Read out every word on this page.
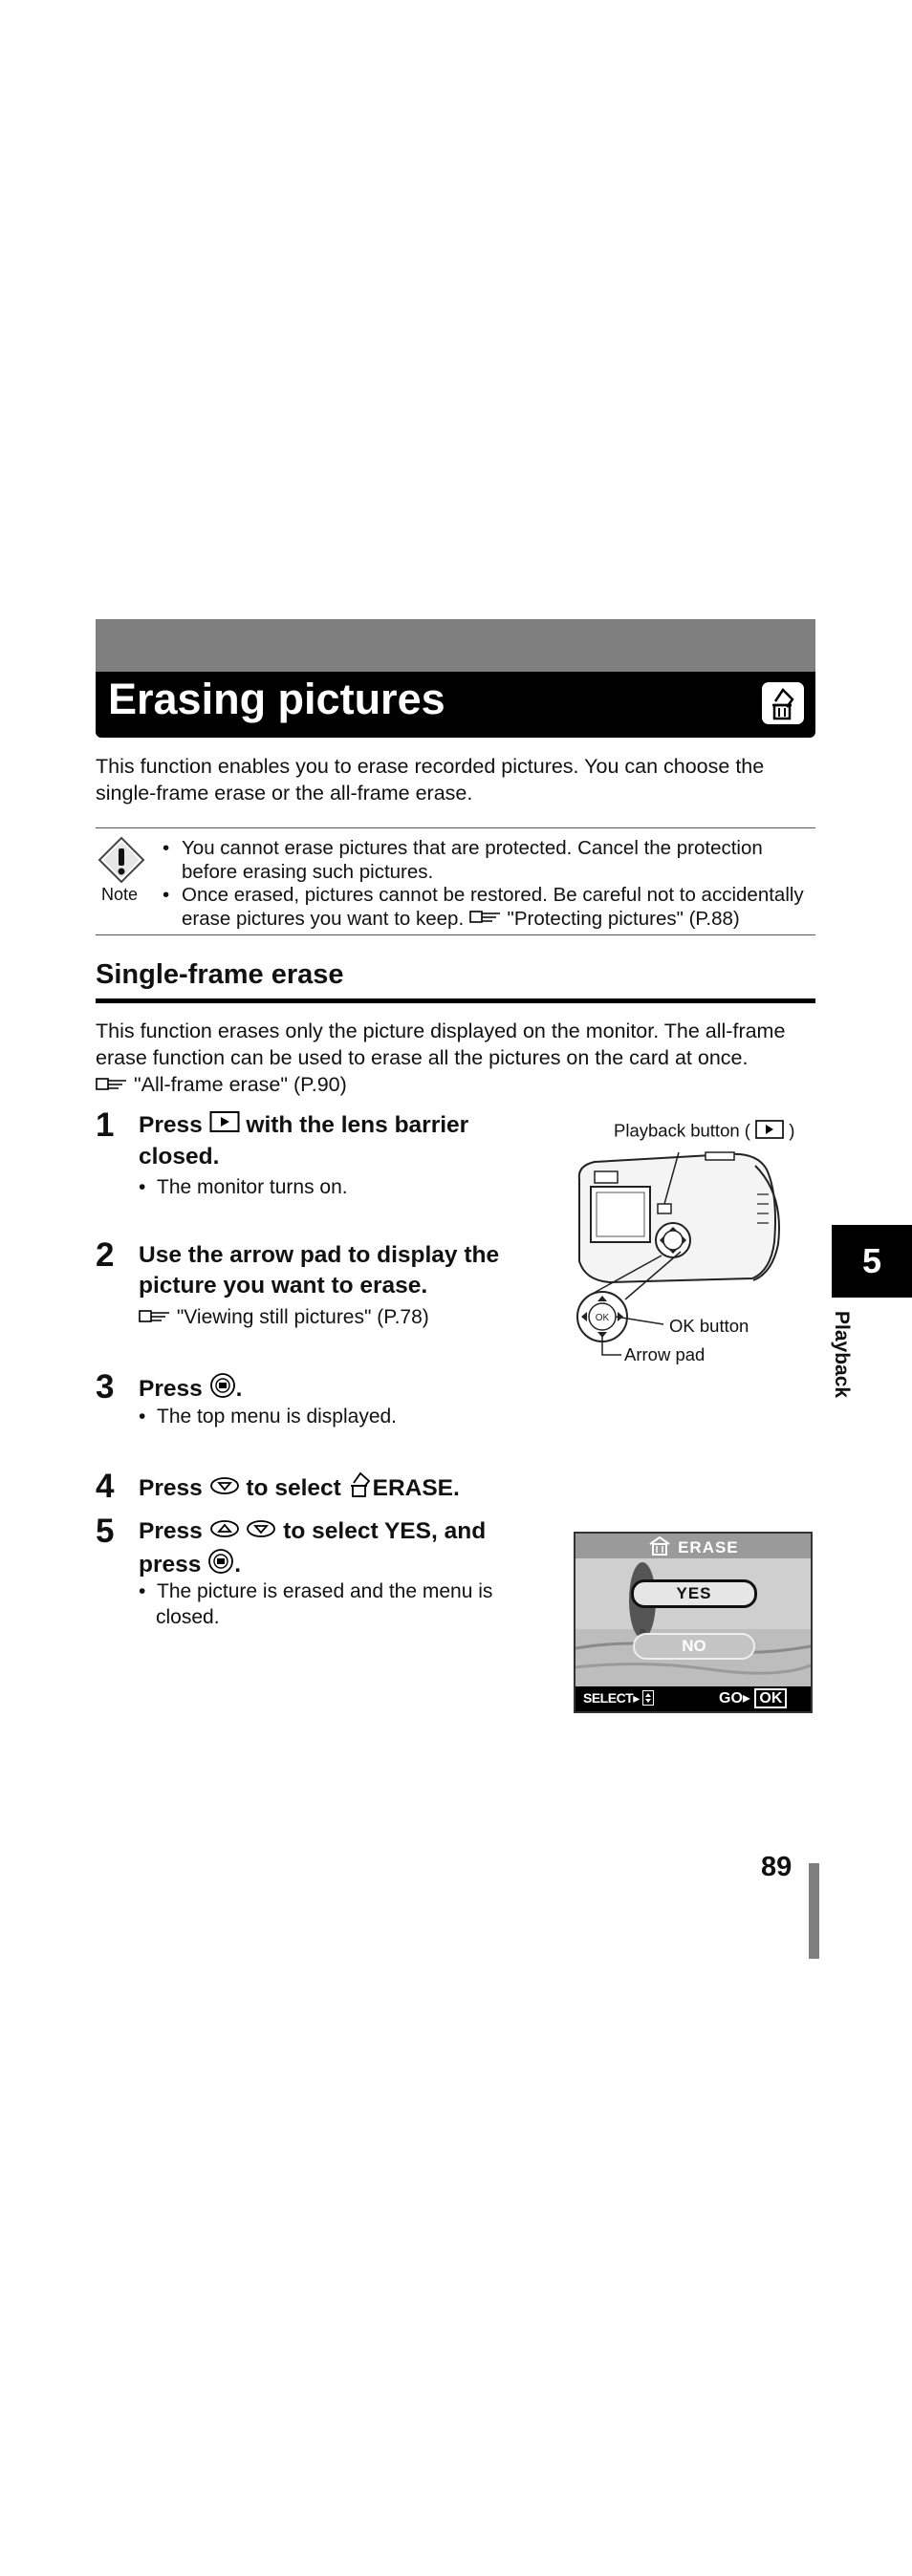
Erasing pictures
This function enables you to erase recorded pictures. You can choose the
single-frame erase or the all-frame erase.
Note
• You cannot erase pictures that are protected. Cancel the protection
before erasing such pictures.
• Once erased, pictures cannot be restored. Be careful not to accidentally
erase pictures you want to keep. "Protecting pictures" (P.88)
Single-frame erase
This function erases only the picture displayed on the monitor. The all-frame
erase function can be used to erase all the pictures on the card at once.
"All-frame erase" (P.90)
1 Press with the lens barrier
closed.
•  The monitor turns on.
2 Use the arrow pad to display the
picture you want to erase.
"Viewing still pictures" (P.78)
3 Press .
•  The top menu is displayed.
4 Press to select ERASE.
5 Press	to select YES, and
press .
•  The picture is erased and the menu is
closed.
Playback button ( )
OK	OK button
Arrow pad
ERASE
YES
NO
SELECT▸	GO▸ OK
5
Playback
89
